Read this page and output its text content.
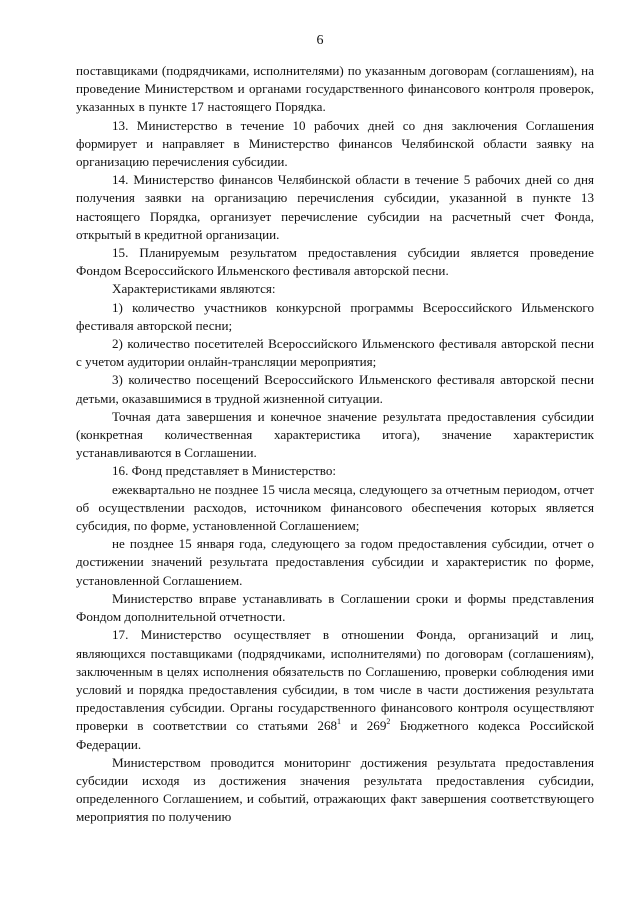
6

поставщиками (подрядчиками, исполнителями) по указанным договорам (соглашениям), на проведение Министерством и органами государственного финансового контроля проверок, указанных в пункте 17 настоящего Порядка.

13. Министерство в течение 10 рабочих дней со дня заключения Соглашения формирует и направляет в Министерство финансов Челябинской области заявку на организацию перечисления субсидии.

14. Министерство финансов Челябинской области в течение 5 рабочих дней со дня получения заявки на организацию перечисления субсидии, указанной в пункте 13 настоящего Порядка, организует перечисление субсидии на расчетный счет Фонда, открытый в кредитной организации.

15. Планируемым результатом предоставления субсидии является проведение Фондом Всероссийского Ильменского фестиваля авторской песни.

Характеристиками являются:

1) количество участников конкурсной программы Всероссийского Ильменского фестиваля авторской песни;

2) количество посетителей Всероссийского Ильменского фестиваля авторской песни с учетом аудитории онлайн-трансляции мероприятия;

3) количество посещений Всероссийского Ильменского фестиваля авторской песни детьми, оказавшимися в трудной жизненной ситуации.

Точная дата завершения и конечное значение результата предоставления субсидии (конкретная количественная характеристика итога), значение характеристик устанавливаются в Соглашении.

16. Фонд представляет в Министерство:

ежеквартально не позднее 15 числа месяца, следующего за отчетным периодом, отчет об осуществлении расходов, источником финансового обеспечения которых является субсидия, по форме, установленной Соглашением;

не позднее 15 января года, следующего за годом предоставления субсидии, отчет о достижении значений результата предоставления субсидии и характеристик по форме, установленной Соглашением.

Министерство вправе устанавливать в Соглашении сроки и формы представления Фондом дополнительной отчетности.

17. Министерство осуществляет в отношении Фонда, организаций и лиц, являющихся поставщиками (подрядчиками, исполнителями) по договорам (соглашениям), заключенным в целях исполнения обязательств по Соглашению, проверки соблюдения ими условий и порядка предоставления субсидии, в том числе в части достижения результата предоставления субсидии. Органы государственного финансового контроля осуществляют проверки в соответствии со статьями $268^1$ и $269^2$ Бюджетного кодекса Российской Федерации.

Министерством проводится мониторинг достижения результата предоставления субсидии исходя из достижения значения результата предоставления субсидии, определенного Соглашением, и событий, отражающих факт завершения соответствующего мероприятия по получению
